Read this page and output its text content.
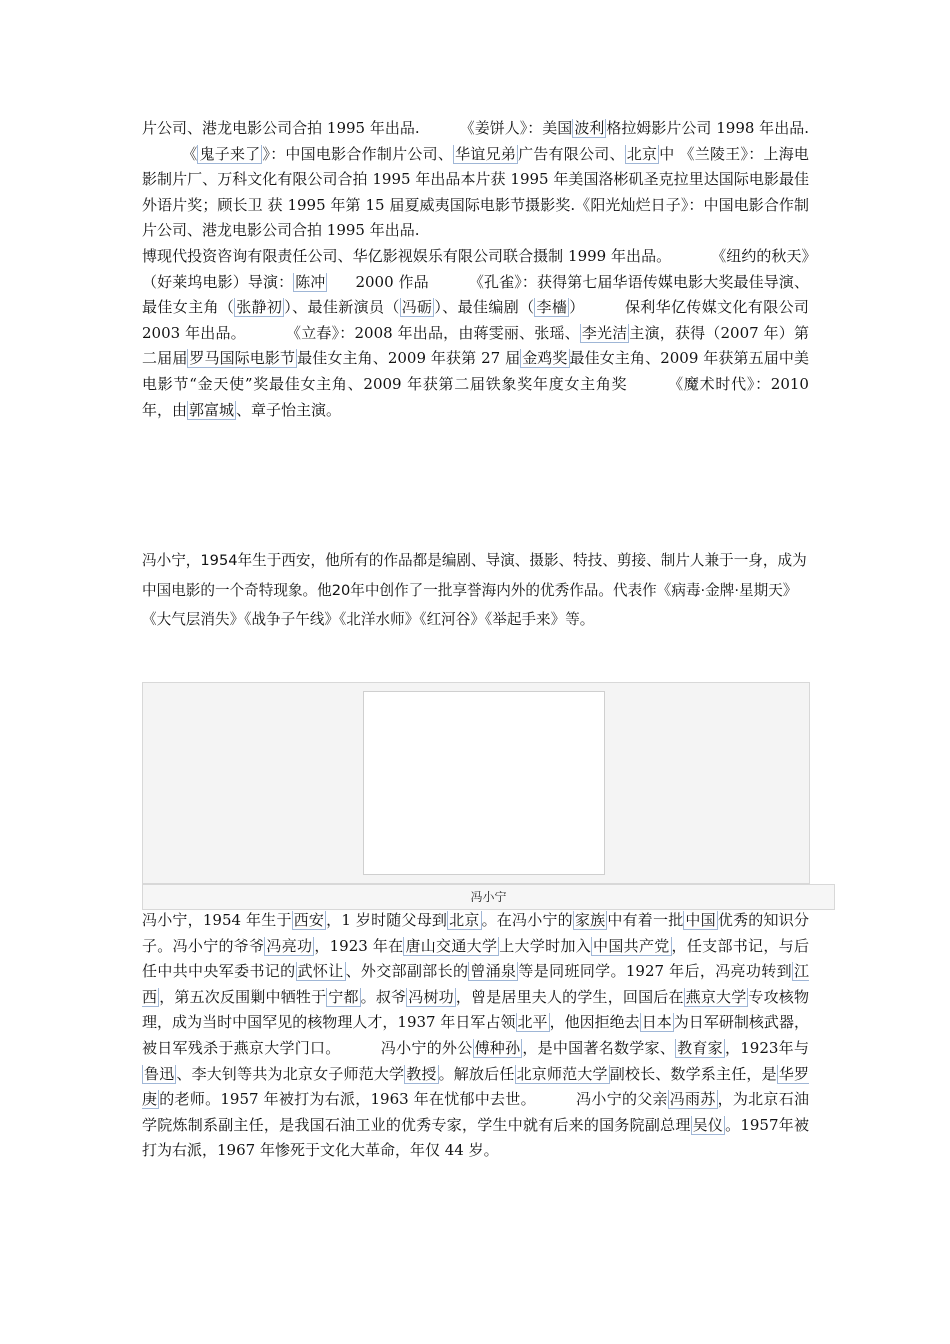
片公司、港龙电影公司合拍 1995 年出品.	《姜饼人》：美国 波利 格拉姆影片公司 1998 年出品.《 鬼子来了 》：中国电影合作制片公司、 华谊兄弟 广告有限公司、 北京 中 《兰陵王》：上海电影制片厂、万科文化有限公司合拍 1995 年出品本片获 1995 年美国洛彬矶圣克拉里达国际电影最佳外语片奖；顾长卫 获 1995 年第 15 届夏威夷国际电影节摄影奖.《阳光灿烂日子》：中国电影合作制片公司、港龙电影公司合拍 1995 年出品.

博现代投资咨询有限责任公司、华亿影视娱乐有限公司联合摄制 1999 年出品。	《纽约的秋天》（好莱坞电影）导演： 陈冲 2000 作品	《孔雀》：获得第七届华语传媒电影大奖最佳导演、最佳女主角（ 张静初 ）、最佳新演员（ 冯砺 ）、最佳编剧（ 李檣 ）	保利华亿传媒文化有限公司 2003 年出品。	《立春》：2008 年出品，由蒋雯丽、张瑶、 李光洁 主演，获得（2007 年）第二届届 罗马国际电影节 最佳女主角、2009 年获第 27 届 金鸡奖 最佳女主角、2009 年获第五届中美电影节“金天使”奖最佳女主角、2009 年获第二届铁象奖年度女主角奖	《魔术时代》：2010 年，由 郭富城 、章子怡主演。

冯小宁，1954年生于西安，他所有的作品都是编剧、导演、摄影、特技、剪接、制片人兼于一身，成为中国电影的一个奇特现象。他20年中创作了一批享誉海内外的优秀作品。代表作《病毒·金牌·星期天》《大气层消失》《战争子午线》《北洋水师》《红河谷》《举起手来》等。

冯小宁

冯小宁，1954 年生于 西安 ，1 岁时随父母到 北京 。在冯小宁的 家族 中有着一批 中国 优秀的知识分子。冯小宁的爷爷 冯亮功 ，1923 年在 唐山交通大学 上大学时加入 中国共产党 ，任支部书记，与后任中共中央军委书记的 武怀让 、外交部副部长的 曾涌泉 等是同班同学。1927 年后，冯亮功转到 江西 ，第五次反围剿中牺牲于 宁都 。叔爷 冯树功 ，曾是居里夫人的学生，回国后在 燕京大学 专攻核物理，成为当时中国罕见的核物理人才，1937 年日军占领 北平 ，他因拒绝去 日本 为日军研制核武器，被日军残杀于燕京大学门口。	冯小宁的外公 傅种孙 ，是中国著名数学家、 教育家 ，1923年与鲁迅 、李大钊等共为北京女子师范大学 教授 。解放后任 北京师范大学 副校长、数学系主任，是 华罗庚 的老师。1957 年被打为右派，1963 年在忧郁中去世。	冯小宁的父亲 冯雨苏 ，为北京石油学院炼制系副主任，是我国石油工业的优秀专家，学生中就有后来的国务院副总理 吴仪 。1957年被打为右派，1967 年惨死于文化大革命，年仅 44 岁。
